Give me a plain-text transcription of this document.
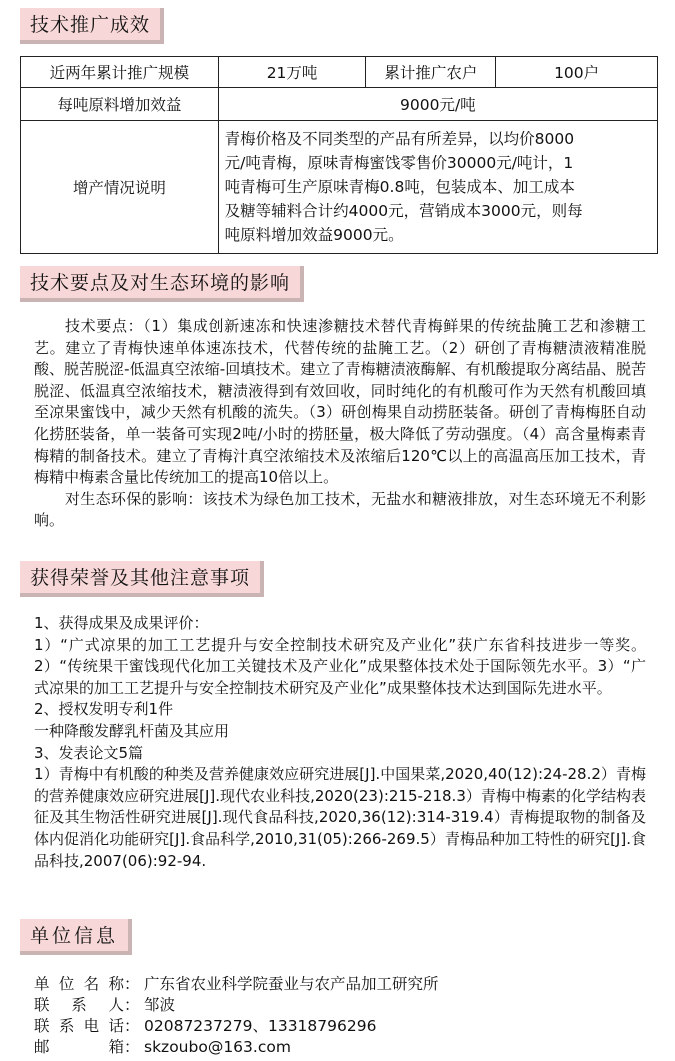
技术推广成效
近两年累计推广规模	21万吨	累计推广农户	100户
每吨原料增加效益	9000元/吨		
增产情况说明	青梅价格及不同类型的产品有所差异，以均价8000
元/吨青梅，原味青梅蜜饯零售价30000元/吨计，1
吨青梅可生产原味青梅0.8吨，包装成本、加工成本
及糖等辅料合计约4000元，营销成本3000元，则每
吨原料增加效益9000元。		
技术要点及对生态环境的影响

技术要点：（1）集成创新速冻和快速渗糖技术替代青梅鲜果的传统盐腌工艺和渗糖工艺。建立了青梅快速单体速冻技术，代替传统的盐腌工艺。（2）研创了青梅糖渍液精准脱酸、脱苦脱涩-低温真空浓缩-回填技术。建立了青梅糖渍液酶解、有机酸提取分离结晶、脱苦脱涩、低温真空浓缩技术，糖渍液得到有效回收，同时纯化的有机酸可作为天然有机酸回填至凉果蜜饯中，减少天然有机酸的流失。（3）研创梅果自动捞胚装备。研创了青梅梅胚自动化捞胚装备，单一装备可实现2吨/小时的捞胚量，极大降低了劳动强度。（4）高含量梅素青梅精的制备技术。建立了青梅汁真空浓缩技术及浓缩后120℃以上的高温高压加工技术，青梅精中梅素含量比传统加工的提高10倍以上。

对生态环保的影响：该技术为绿色加工技术，无盐水和糖液排放，对生态环境无不利影响。

获得荣誉及其他注意事项

1、获得成果及成果评价：

1）“广式凉果的加工工艺提升与安全控制技术研究及产业化”获广东省科技进步一等奖。2）“传统果干蜜饯现代化加工关键技术及产业化”成果整体技术处于国际领先水平。3）“广式凉果的加工工艺提升与安全控制技术研究及产业化”成果整体技术达到国际先进水平。

2、授权发明专利1件

一种降酸发酵乳杆菌及其应用

3、发表论文5篇

1）青梅中有机酸的种类及营养健康效应研究进展[J].中国果菜,2020,40(12):24-28.2）青梅的营养健康效应研究进展[J].现代农业科技,2020(23):215-218.3）青梅中梅素的化学结构表征及其生物活性研究进展[J].现代食品科技,2020,36(12):314-319.4）青梅提取物的制备及体内促消化功能研究[J].食品科学,2010,31(05):266-269.5）青梅品种加工特性的研究[J].食品科技,2007(06):92-94.

单位信息
单位名称 ： 广东省农业科学院蚕业与农产品加工研究所
联系人 ： 邹波
联系电话 ： 02087237279、13318796296
邮箱 ： skzoubo@163.com
